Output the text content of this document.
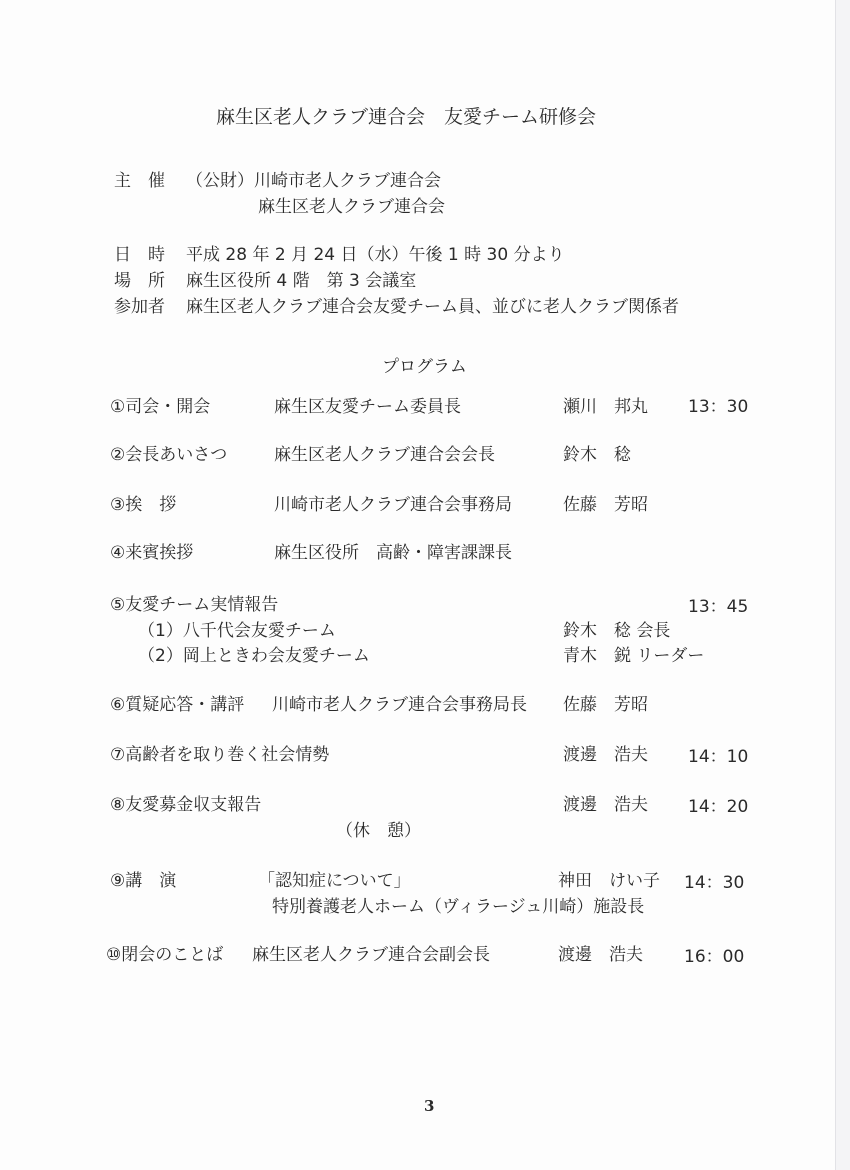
麻生区老人クラブ連合会　友愛チーム研修会
主　催 （公財）川崎市老人クラブ連合会
麻生区老人クラブ連合会
日　時 平成 28 年 2 月 24 日（水）午後 1 時 30 分より
場　所 麻生区役所 4 階　第 3 会議室
参加者 麻生区老人クラブ連合会友愛チーム員、並びに老人クラブ関係者
プログラム
①司会・開会	麻生区友愛チーム委員長	瀬川　邦丸 13：30
②会長あいさつ	麻生区老人クラブ連合会会長	鈴木　稔
③挨　拶	川崎市老人クラブ連合会事務局	佐藤　芳昭
④来賓挨拶	麻生区役所　高齢・障害課課長
⑤友愛チーム実情報告	13：45
（1）八千代会友愛チーム	鈴木　稔 会長
（2）岡上ときわ会友愛チーム	青木　鋭 リーダー
⑥質疑応答・講評 川崎市老人クラブ連合会事務局長 佐藤　芳昭
⑦高齢者を取り巻く社会情勢	渡邊　浩夫 14：10
⑧友愛募金収支報告	渡邊　浩夫 14：20
（休　憩）
⑨講　演	「認知症について」	神田　けい子 14：30
特別養護老人ホーム（ヴィラージュ川崎）施設長
⑩閉会のことば 麻生区老人クラブ連合会副会長	渡邊　浩夫 16：00
3
